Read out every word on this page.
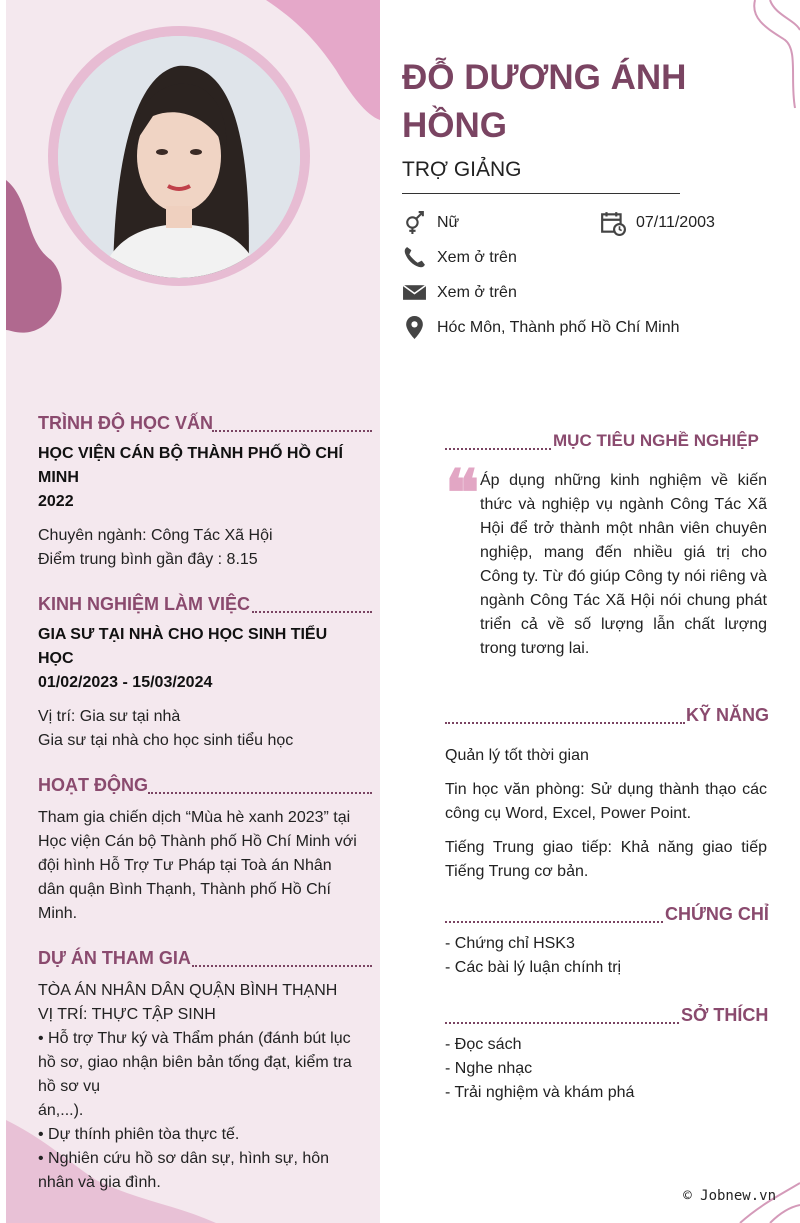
ĐỖ DƯƠNG ÁNH HỒNG
TRỢ GIẢNG
Nữ	07/11/2003
Xem ở trên
Xem ở trên
Hóc Môn, Thành phố Hồ Chí Minh
TRÌNH ĐỘ HỌC VẤN
HỌC VIỆN CÁN BỘ THÀNH PHỐ HỒ CHÍ MINH
2022
Chuyên ngành: Công Tác Xã Hội
Điểm trung bình gần đây : 8.15
KINH NGHIỆM LÀM VIỆC
GIA SƯ TẠI NHÀ CHO HỌC SINH TIỂU HỌC
01/02/2023 - 15/03/2024
Vị trí: Gia sư tại nhà
Gia sư tại nhà cho học sinh tiểu học
HOẠT ĐỘNG
Tham gia chiến dịch “Mùa hè xanh 2023” tại Học viện Cán bộ Thành phố Hồ Chí Minh với đội hình Hỗ Trợ Tư Pháp tại Toà án Nhân dân quận Bình Thạnh, Thành phố Hồ Chí Minh.
DỰ ÁN THAM GIA
TÒA ÁN NHÂN DÂN QUẬN BÌNH THẠNH
VỊ TRÍ: THỰC TẬP SINH
• Hỗ trợ Thư ký và Thẩm phán (đánh bút lục hồ sơ, giao nhận biên bản tống đạt, kiểm tra hồ sơ vụ
án,...).
• Dự thính phiên tòa thực tế.
• Nghiên cứu hồ sơ dân sự, hình sự, hôn nhân và gia đình.
MỤC TIÊU NGHỀ NGHIỆP
❝ Áp dụng những kinh nghiệm về kiến thức và nghiệp vụ ngành Công Tác Xã Hội để trở thành một nhân viên chuyên nghiệp, mang đến nhiều giá trị cho Công ty. Từ đó giúp Công ty nói riêng và ngành Công Tác Xã Hội nói chung phát triển cả về số lượng lẫn chất lượng trong tương lai.
KỸ NĂNG
Quản lý tốt thời gian
Tin học văn phòng: Sử dụng thành thạo các công cụ Word, Excel, Power Point.
Tiếng Trung giao tiếp: Khả năng giao tiếp Tiếng Trung cơ bản.
CHỨNG CHỈ
- Chứng chỉ HSK3
- Các bài lý luận chính trị
SỞ THÍCH
- Đọc sách
- Nghe nhạc
- Trải nghiệm và khám phá
© Jobnew.vn
